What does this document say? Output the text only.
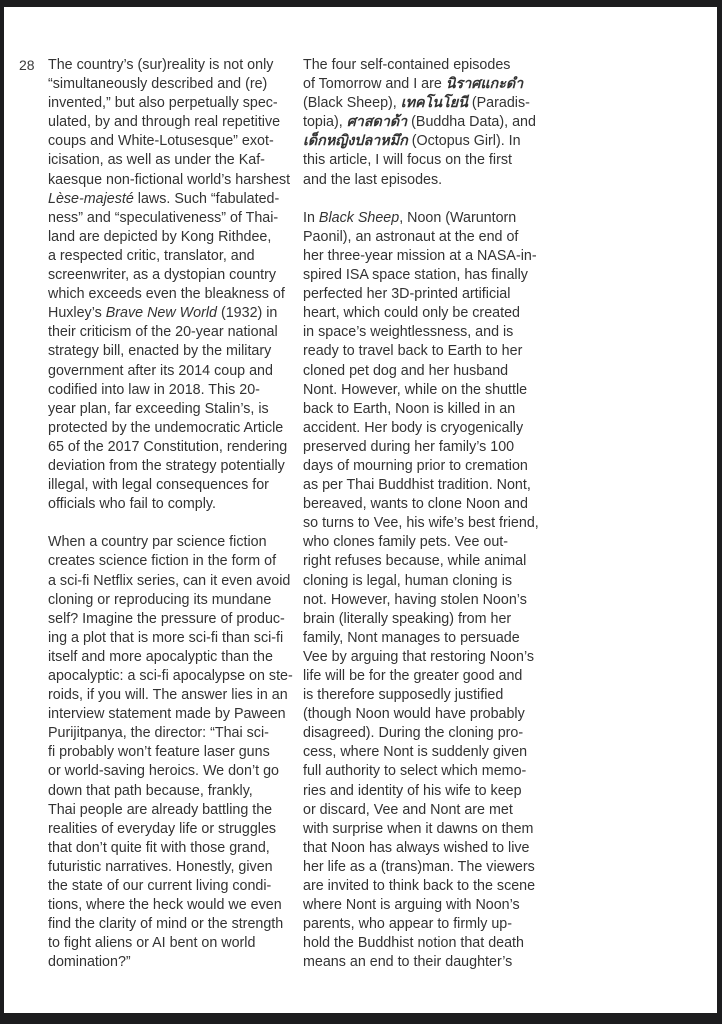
28 The country’s (sur)reality is not only
“simultaneously described and (re)
invented,” but also perpetually spec-
ulated, by and through real repetitive
coups and White-Lotusesque” exot-
icisation, as well as under the Kaf-
kaesque non-fictional world’s harshest
Lèse-majesté laws. Such “fabulated-
ness” and “speculativeness” of Thai-
land are depicted by Kong Rithdee,
a respected critic, translator, and
screenwriter, as a dystopian country
which exceeds even the bleakness of
Huxley’s Brave New World (1932) in
their criticism of the 20-year national
strategy bill, enacted by the military
government after its 2014 coup and
codified into law in 2018. This 20-
year plan, far exceeding Stalin’s, is
protected by the undemocratic Article
65 of the 2017 Constitution, rendering
deviation from the strategy potentially
illegal, with legal consequences for
officials who fail to comply.
When a country par science fiction
creates science fiction in the form of
a sci-fi Netflix series, can it even avoid
cloning or reproducing its mundane
self? Imagine the pressure of produc-
ing a plot that is more sci-fi than sci-fi
itself and more apocalyptic than the
apocalyptic: a sci-fi apocalypse on ste-
roids, if you will. The answer lies in an
interview statement made by Paween
Purijitpanya, the director: “Thai sci-
fi probably won’t feature laser guns
or world-saving heroics. We don’t go
down that path because, frankly,
Thai people are already battling the
realities of everyday life or struggles
that don’t quite fit with those grand,
futuristic narratives. Honestly, given
the state of our current living condi-
tions, where the heck would we even
find the clarity of mind or the strength
to fight aliens or AI bent on world
domination?”
The four self-contained episodes
of Tomorrow and I are นิราศแกะดำ
(Black Sheep), เทคโนโยนี (Paradis-
topia), ศาสดาด้า (Buddha Data), and
เด็กหญิงปลาหมึก (Octopus Girl). In
this article, I will focus on the first
and the last episodes.
In Black Sheep, Noon (Waruntorn
Paonil), an astronaut at the end of
her three-year mission at a NASA-in-
spired ISA space station, has finally
perfected her 3D-printed artificial
heart, which could only be created
in space’s weightlessness, and is
ready to travel back to Earth to her
cloned pet dog and her husband
Nont. However, while on the shuttle
back to Earth, Noon is killed in an
accident. Her body is cryogenically
preserved during her family’s 100
days of mourning prior to cremation
as per Thai Buddhist tradition. Nont,
bereaved, wants to clone Noon and
so turns to Vee, his wife’s best friend,
who clones family pets. Vee out-
right refuses because, while animal
cloning is legal, human cloning is
not. However, having stolen Noon’s
brain (literally speaking) from her
family, Nont manages to persuade
Vee by arguing that restoring Noon’s
life will be for the greater good and
is therefore supposedly justified
(though Noon would have probably
disagreed). During the cloning pro-
cess, where Nont is suddenly given
full authority to select which memo-
ries and identity of his wife to keep
or discard, Vee and Nont are met
with surprise when it dawns on them
that Noon has always wished to live
her life as a (trans)man. The viewers
are invited to think back to the scene
where Nont is arguing with Noon’s
parents, who appear to firmly up-
hold the Buddhist notion that death
means an end to their daughter’s
